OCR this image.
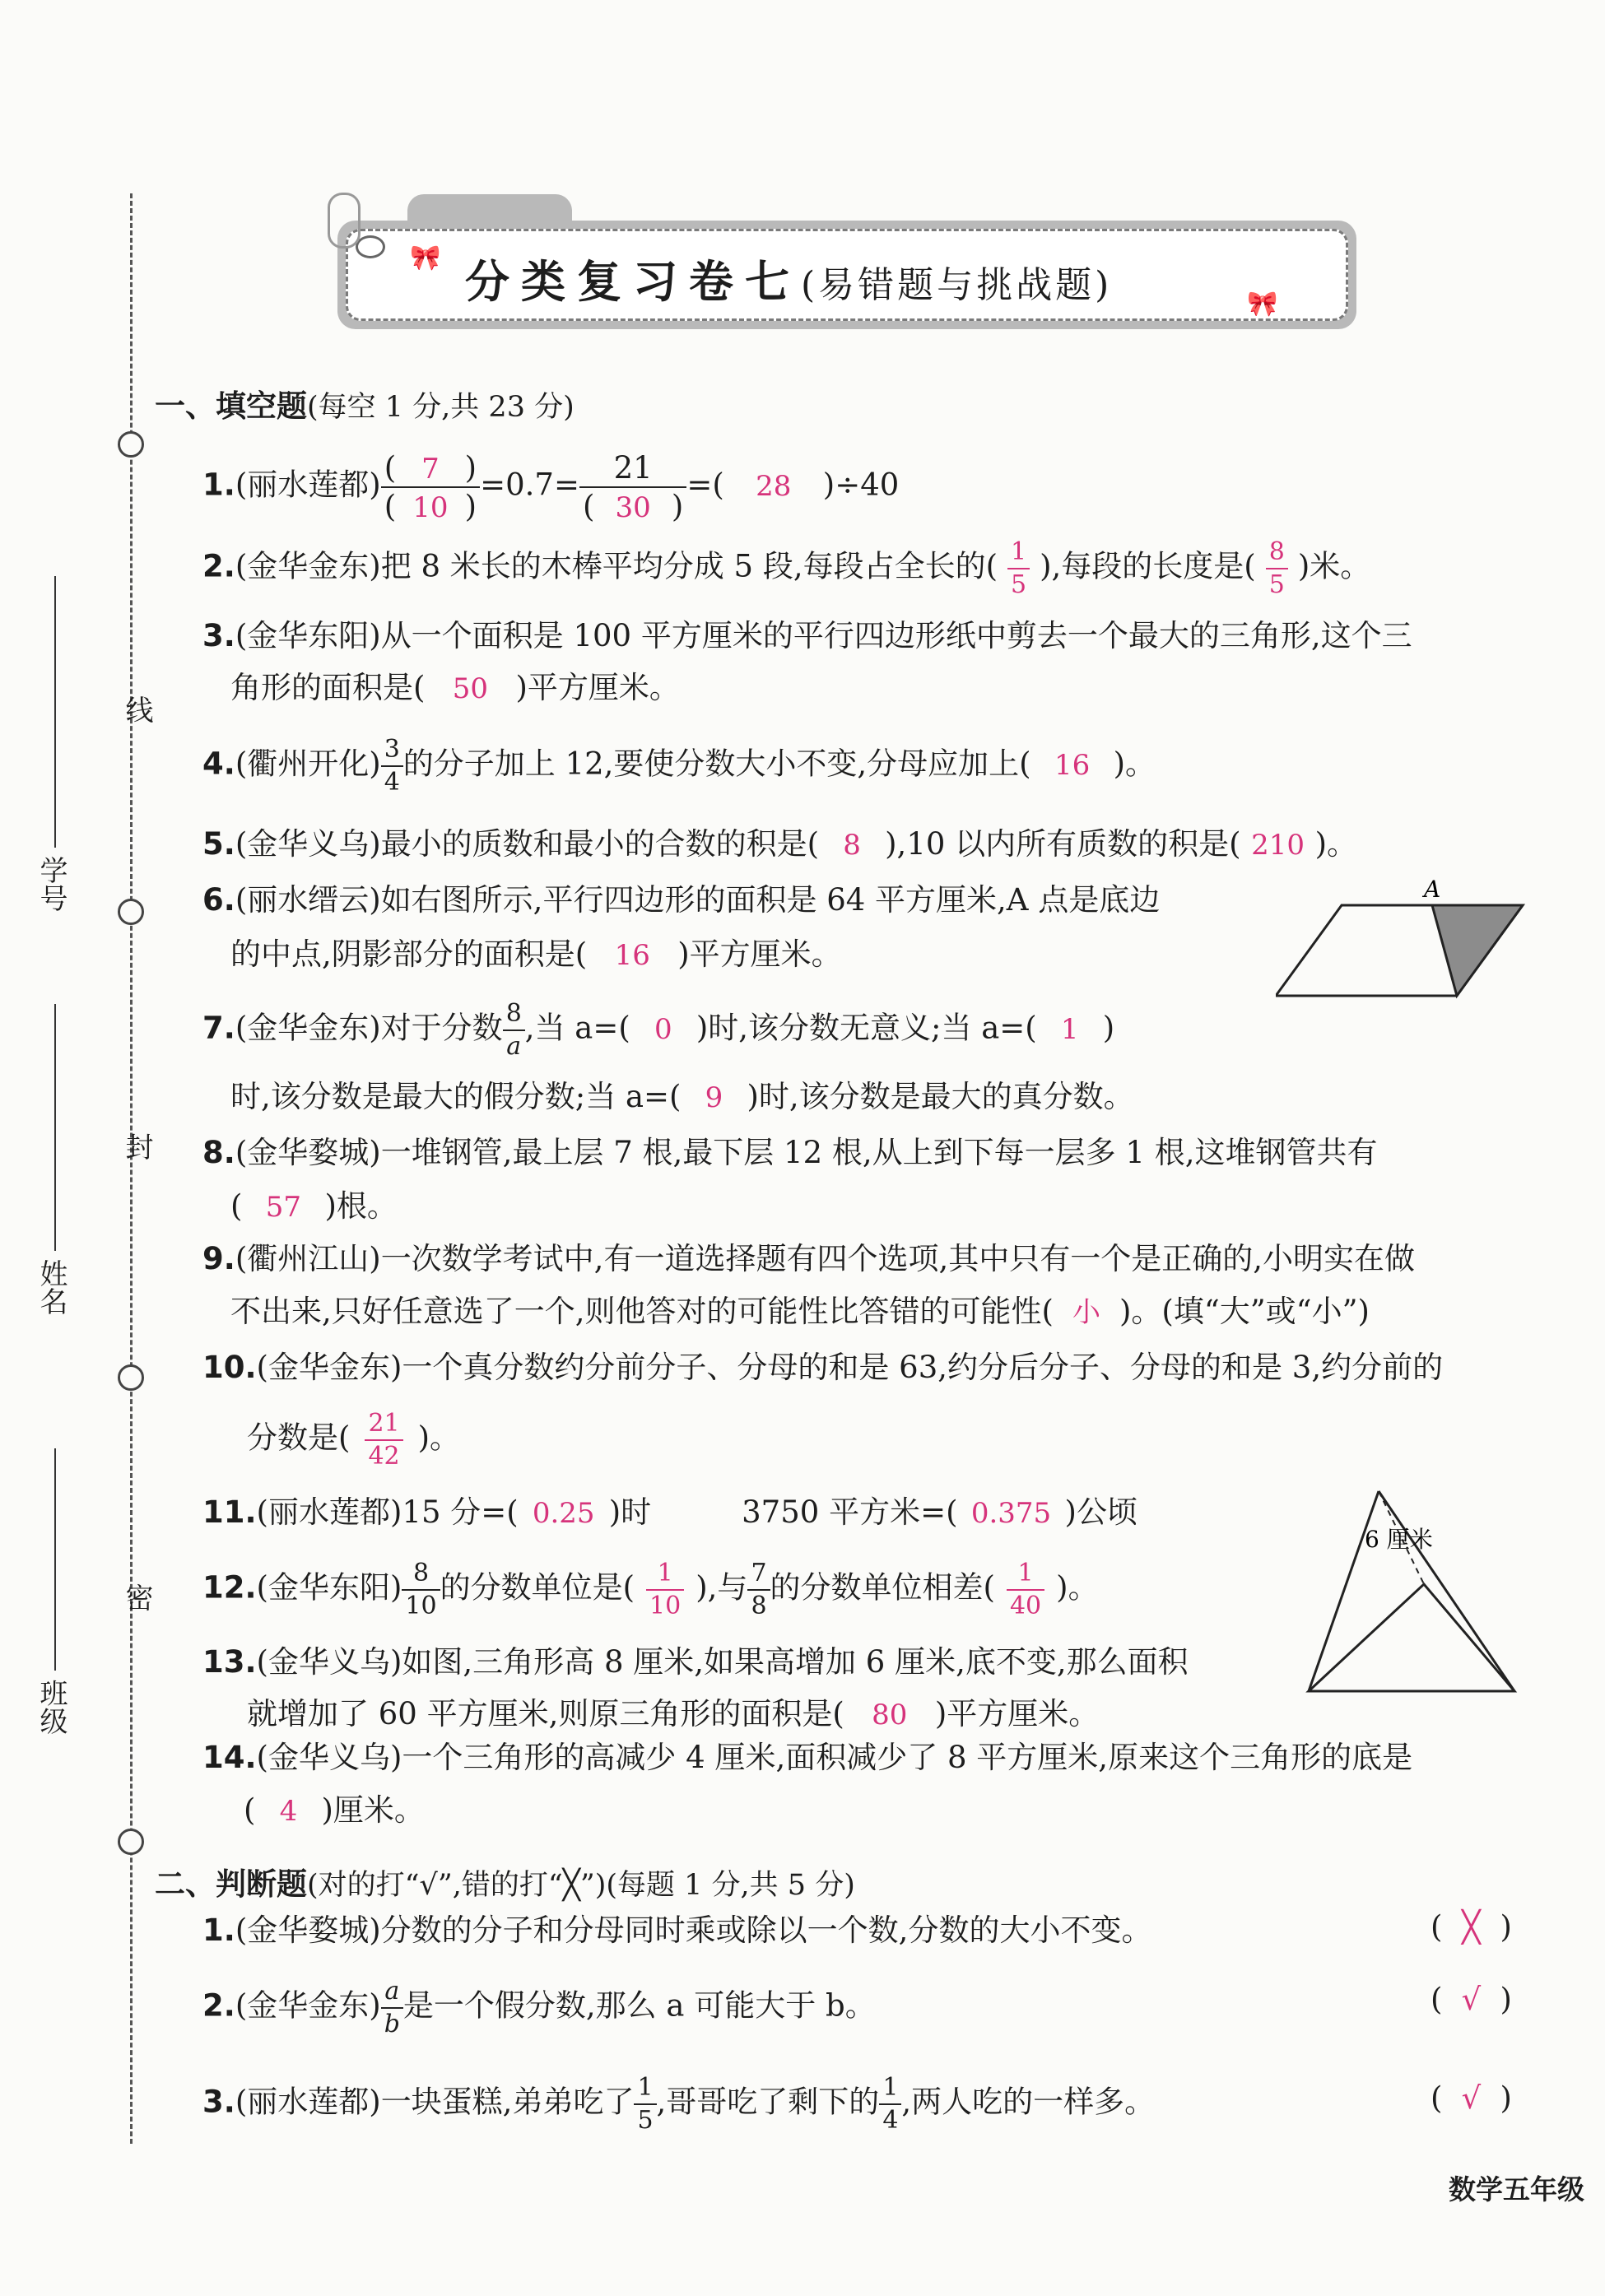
线
封
密
学号
姓名
班级
🎀
🎀
分类复习卷七(易错题与挑战题)
一、填空题(每空 1 分,共 23 分)
1.(丽水莲都) $\frac{( 7 )}{( 10 )} =0.7= \frac{21}{( 30 )}$ =( 28 )÷40
2.(金华金东)把 8 米长的木棒平均分成 5 段,每段占全长的( $\frac{1}{5}$ ),每段的长度是( $\frac{8}{5}$ )米。
3.(金华东阳)从一个面积是 100 平方厘米的平行四边形纸中剪去一个最大的三角形,这个三
角形的面积是( 50 )平方厘米。
4.(衢州开化) $\frac{3}{4}$ 的分子加上 12,要使分数大小不变,分母应加上( 16 )。
5.(金华义乌)最小的质数和最小的合数的积是( 8 ),10 以内所有质数的积是( 210 )。
6.(丽水缙云)如右图所示,平行四边形的面积是 64 平方厘米,A 点是底边
的中点,阴影部分的面积是( 16 )平方厘米。
A
7.(金华金东)对于分数 $\frac{8}{a}$ ,当 a=( 0 )时,该分数无意义;当 a=( 1 )
时,该分数是最大的假分数;当 a=( 9 )时,该分数是最大的真分数。
8.(金华婺城)一堆钢管,最上层 7 根,最下层 12 根,从上到下每一层多 1 根,这堆钢管共有
( 57 )根。
9.(衢州江山)一次数学考试中,有一道选择题有四个选项,其中只有一个是正确的,小明实在做
不出来,只好任意选了一个,则他答对的可能性比答错的可能性( 小 )。(填“大”或“小”)
10.(金华金东)一个真分数约分前分子、分母的和是 63,约分后分子、分母的和是 3,约分前的
分数是( $\frac{21}{42}$ )。
11.(丽水莲都)15 分=( 0.25 )时	3750 平方米=( 0.375 )公顷
12.(金华东阳) $\frac{8}{10}$ 的分数单位是( $\frac{1}{10}$ ),与 $\frac{7}{8}$ 的分数单位相差( $\frac{1}{40}$ )。
13.(金华义乌)如图,三角形高 8 厘米,如果高增加 6 厘米,底不变,那么面积
就增加了 60 平方厘米,则原三角形的面积是( 80 )平方厘米。
6 厘米
14.(金华义乌)一个三角形的高减少 4 厘米,面积减少了 8 平方厘米,原来这个三角形的底是
( 4 )厘米。
二、判断题(对的打“√”,错的打“╳”)(每题 1 分,共 5 分)
1.(金华婺城)分数的分子和分母同时乘或除以一个数,分数的大小不变。	( ╳ )
2.(金华金东) $\frac{a}{b}$ 是一个假分数,那么 a 可能大于 b。	( √ )
3.(丽水莲都)一块蛋糕,弟弟吃了 $\frac{1}{5}$ ,哥哥吃了剩下的 $\frac{1}{4}$ ,两人吃的一样多。	( √ )
数学五年级
